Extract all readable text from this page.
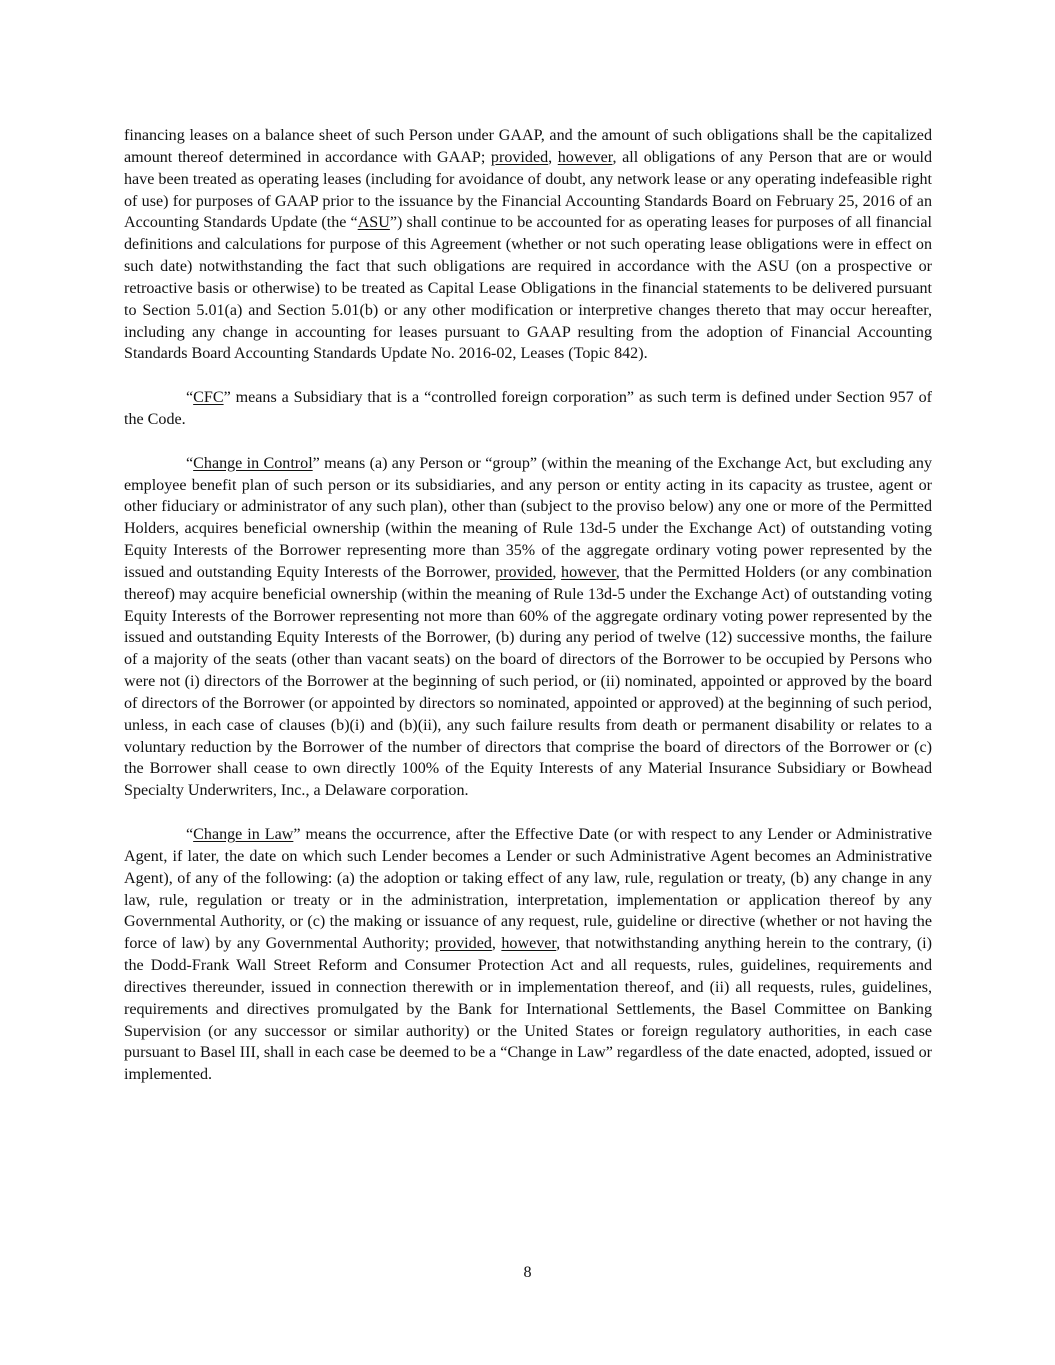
financing leases on a balance sheet of such Person under GAAP, and the amount of such obligations shall be the capitalized amount thereof determined in accordance with GAAP; provided, however, all obligations of any Person that are or would have been treated as operating leases (including for avoidance of doubt, any network lease or any operating indefeasible right of use) for purposes of GAAP prior to the issuance by the Financial Accounting Standards Board on February 25, 2016 of an Accounting Standards Update (the “ASU”) shall continue to be accounted for as operating leases for purposes of all financial definitions and calculations for purpose of this Agreement (whether or not such operating lease obligations were in effect on such date) notwithstanding the fact that such obligations are required in accordance with the ASU (on a prospective or retroactive basis or otherwise) to be treated as Capital Lease Obligations in the financial statements to be delivered pursuant to Section 5.01(a) and Section 5.01(b) or any other modification or interpretive changes thereto that may occur hereafter, including any change in accounting for leases pursuant to GAAP resulting from the adoption of Financial Accounting Standards Board Accounting Standards Update No. 2016-02, Leases (Topic 842).

“CFC” means a Subsidiary that is a “controlled foreign corporation” as such term is defined under Section 957 of the Code.

“Change in Control” means (a) any Person or “group” (within the meaning of the Exchange Act, but excluding any employee benefit plan of such person or its subsidiaries, and any person or entity acting in its capacity as trustee, agent or other fiduciary or administrator of any such plan), other than (subject to the proviso below) any one or more of the Permitted Holders, acquires beneficial ownership (within the meaning of Rule 13d-5 under the Exchange Act) of outstanding voting Equity Interests of the Borrower representing more than 35% of the aggregate ordinary voting power represented by the issued and outstanding Equity Interests of the Borrower, provided, however, that the Permitted Holders (or any combination thereof) may acquire beneficial ownership (within the meaning of Rule 13d-5 under the Exchange Act) of outstanding voting Equity Interests of the Borrower representing not more than 60% of the aggregate ordinary voting power represented by the issued and outstanding Equity Interests of the Borrower, (b) during any period of twelve (12) successive months, the failure of a majority of the seats (other than vacant seats) on the board of directors of the Borrower to be occupied by Persons who were not (i) directors of the Borrower at the beginning of such period, or (ii) nominated, appointed or approved by the board of directors of the Borrower (or appointed by directors so nominated, appointed or approved) at the beginning of such period, unless, in each case of clauses (b)(i) and (b)(ii), any such failure results from death or permanent disability or relates to a voluntary reduction by the Borrower of the number of directors that comprise the board of directors of the Borrower or (c) the Borrower shall cease to own directly 100% of the Equity Interests of any Material Insurance Subsidiary or Bowhead Specialty Underwriters, Inc., a Delaware corporation.

“Change in Law” means the occurrence, after the Effective Date (or with respect to any Lender or Administrative Agent, if later, the date on which such Lender becomes a Lender or such Administrative Agent becomes an Administrative Agent), of any of the following: (a) the adoption or taking effect of any law, rule, regulation or treaty, (b) any change in any law, rule, regulation or treaty or in the administration, interpretation, implementation or application thereof by any Governmental Authority, or (c) the making or issuance of any request, rule, guideline or directive (whether or not having the force of law) by any Governmental Authority; provided, however, that notwithstanding anything herein to the contrary, (i) the Dodd-Frank Wall Street Reform and Consumer Protection Act and all requests, rules, guidelines, requirements and directives thereunder, issued in connection therewith or in implementation thereof, and (ii) all requests, rules, guidelines, requirements and directives promulgated by the Bank for International Settlements, the Basel Committee on Banking Supervision (or any successor or similar authority) or the United States or foreign regulatory authorities, in each case pursuant to Basel III, shall in each case be deemed to be a “Change in Law” regardless of the date enacted, adopted, issued or implemented.

8
